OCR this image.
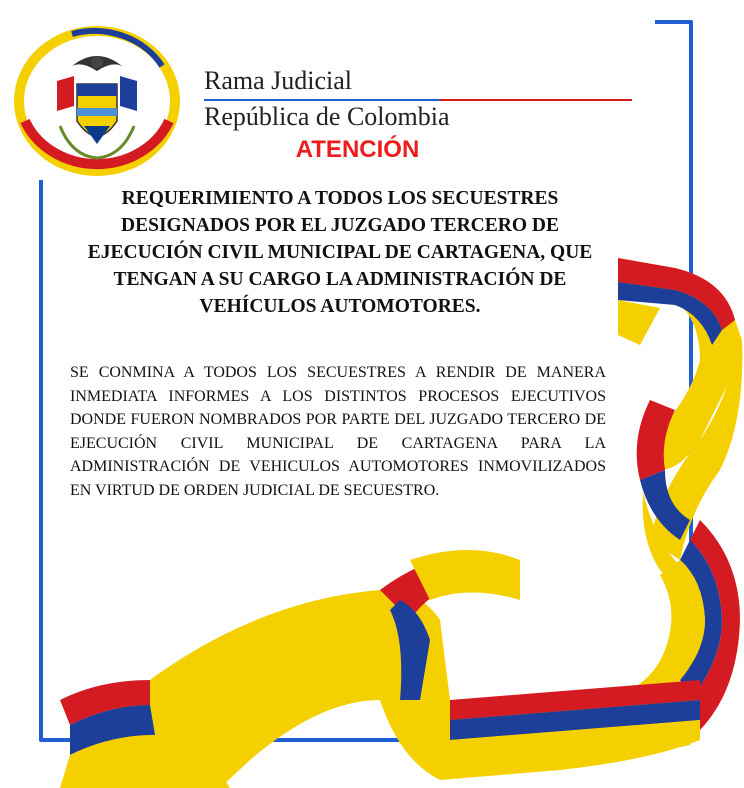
Rama Judicial
República de Colombia
ATENCIÓN
REQUERIMIENTO A TODOS LOS SECUESTRES DESIGNADOS POR EL JUZGADO TERCERO DE EJECUCIÓN CIVIL MUNICIPAL DE CARTAGENA, QUE TENGAN A SU CARGO LA ADMINISTRACIÓN DE VEHÍCULOS AUTOMOTORES.
SE CONMINA A TODOS LOS SECUESTRES A RENDIR DE MANERA INMEDIATA INFORMES A LOS DISTINTOS PROCESOS EJECUTIVOS DONDE FUERON NOMBRADOS POR PARTE DEL JUZGADO TERCERO DE EJECUCIÓN CIVIL MUNICIPAL DE CARTAGENA PARA LA ADMINISTRACIÓN DE VEHICULOS AUTOMOTORES INMOVILIZADOS EN VIRTUD DE ORDEN JUDICIAL DE SECUESTRO.
